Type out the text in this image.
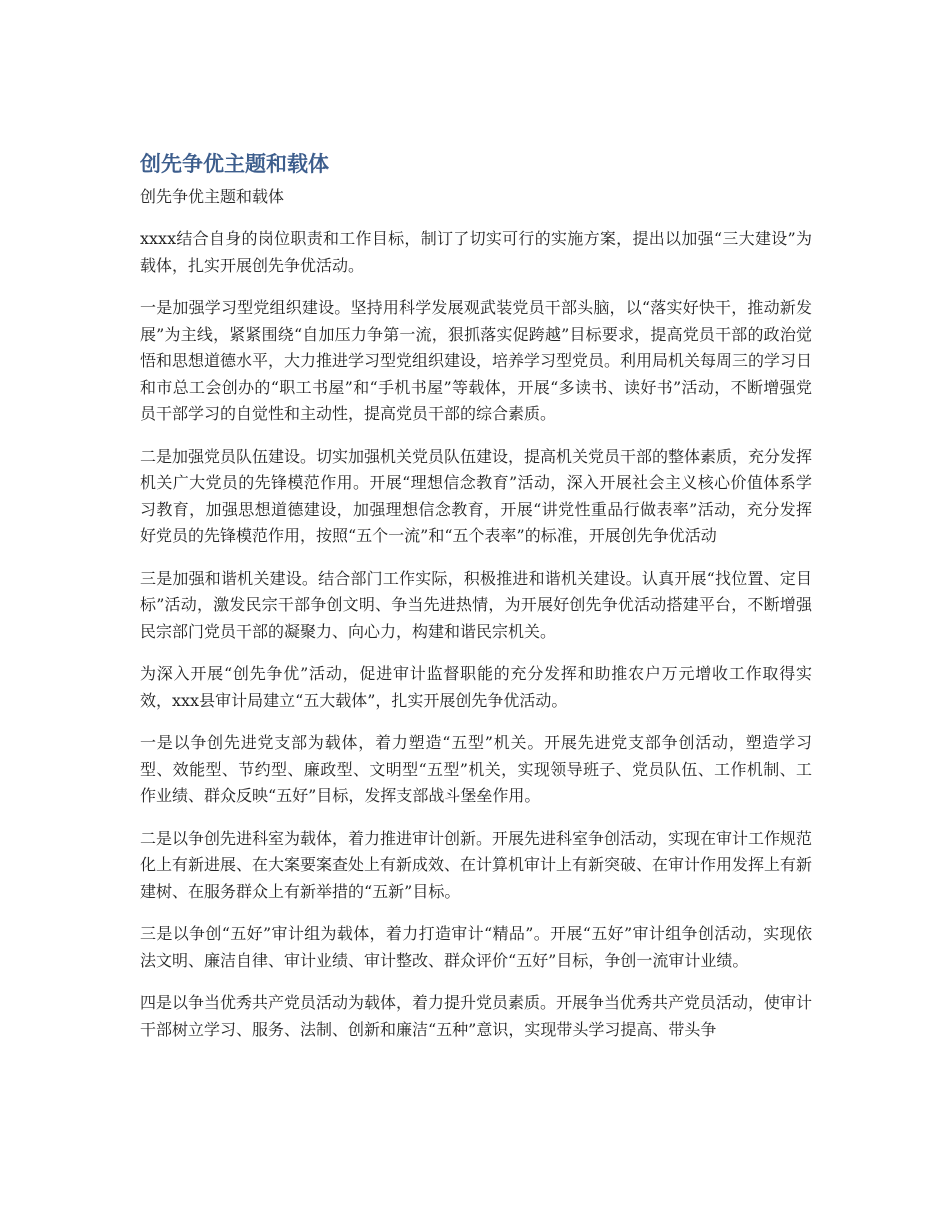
创先争优主题和载体

创先争优主题和载体

xxxx结合自身的岗位职责和工作目标，制订了切实可行的实施方案，提出以加强“三大建设”为载体，扎实开展创先争优活动。

一是加强学习型党组织建设。坚持用科学发展观武装党员干部头脑，以“落实好快干，推动新发展”为主线，紧紧围绕“自加压力争第一流，狠抓落实促跨越”目标要求，提高党员干部的政治觉悟和思想道德水平，大力推进学习型党组织建设，培养学习型党员。利用局机关每周三的学习日和市总工会创办的“职工书屋”和“手机书屋”等载体，开展“多读书、读好书”活动，不断增强党员干部学习的自觉性和主动性，提高党员干部的综合素质。

二是加强党员队伍建设。切实加强机关党员队伍建设，提高机关党员干部的整体素质，充分发挥机关广大党员的先锋模范作用。开展“理想信念教育”活动，深入开展社会主义核心价值体系学习教育，加强思想道德建设，加强理想信念教育，开展“讲党性重品行做表率”活动，充分发挥好党员的先锋模范作用，按照“五个一流”和“五个表率”的标准，开展创先争优活动

三是加强和谐机关建设。结合部门工作实际，积极推进和谐机关建设。认真开展“找位置、定目标”活动，激发民宗干部争创文明、争当先进热情，为开展好创先争优活动搭建平台，不断增强民宗部门党员干部的凝聚力、向心力，构建和谐民宗机关。

为深入开展“创先争优”活动，促进审计监督职能的充分发挥和助推农户万元增收工作取得实效，xxx县审计局建立“五大载体”，扎实开展创先争优活动。

一是以争创先进党支部为载体，着力塑造“五型”机关。开展先进党支部争创活动，塑造学习型、效能型、节约型、廉政型、文明型“五型”机关，实现领导班子、党员队伍、工作机制、工作业绩、群众反映“五好”目标，发挥支部战斗堡垒作用。

二是以争创先进科室为载体，着力推进审计创新。开展先进科室争创活动，实现在审计工作规范化上有新进展、在大案要案查处上有新成效、在计算机审计上有新突破、在审计作用发挥上有新建树、在服务群众上有新举措的“五新”目标。

三是以争创“五好”审计组为载体，着力打造审计“精品”。开展“五好”审计组争创活动，实现依法文明、廉洁自律、审计业绩、审计整改、群众评价“五好”目标，争创一流审计业绩。

四是以争当优秀共产党员活动为载体，着力提升党员素质。开展争当优秀共产党员活动，使审计干部树立学习、服务、法制、创新和廉洁“五种”意识，实现带头学习提高、带头争
